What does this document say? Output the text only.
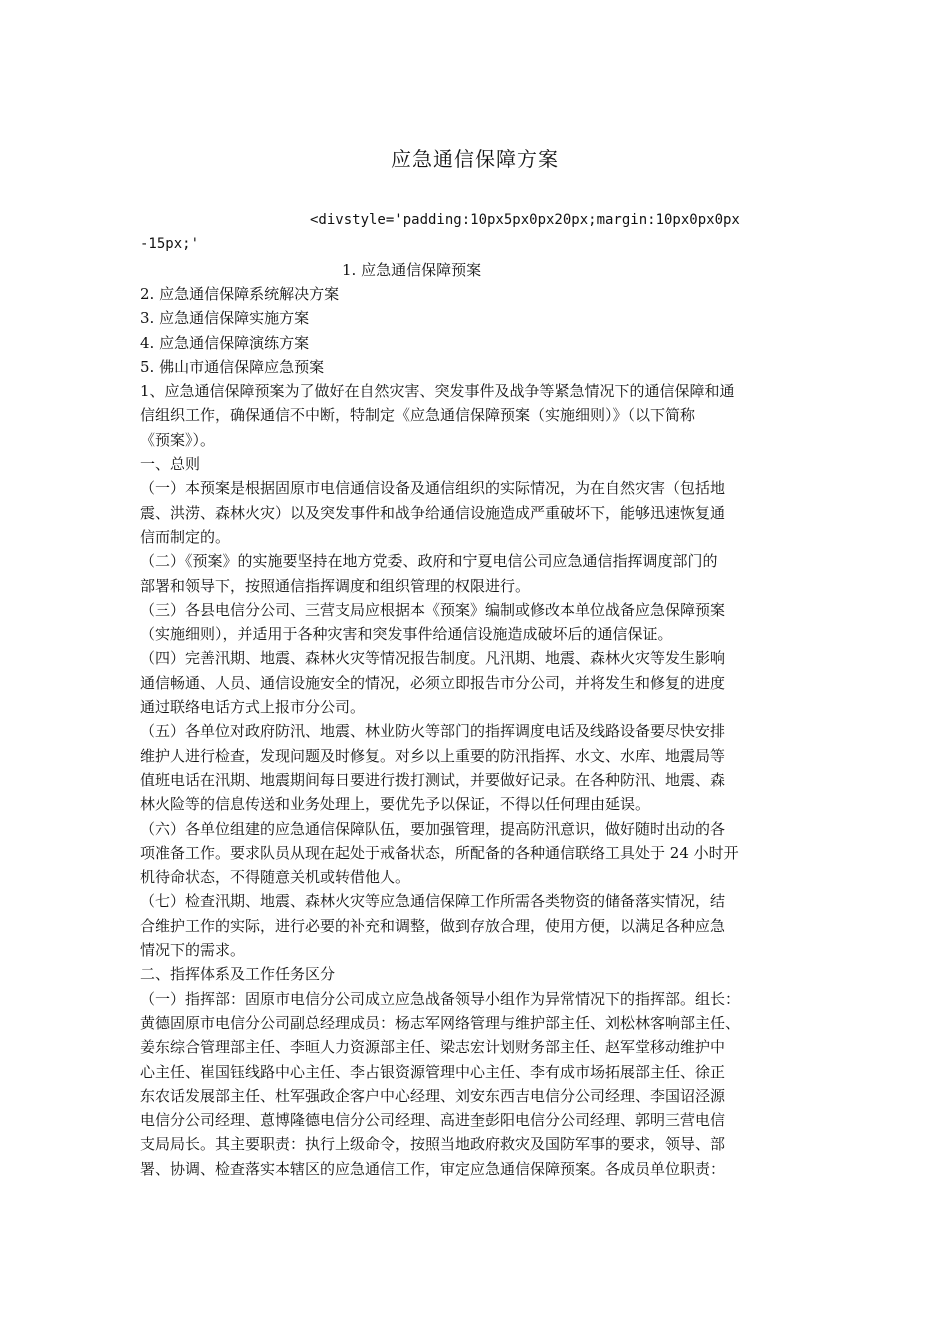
应急通信保障方案
<divstyle='padding:10px5px0px20px;margin:10px0px0px
-15px;'
1. 应急通信保障预案
2. 应急通信保障系统解决方案
3. 应急通信保障实施方案
4. 应急通信保障演练方案
5. 佛山市通信保障应急预案
1、应急通信保障预案为了做好在自然灾害、突发事件及战争等紧急情况下的通信保障和通
信组织工作，确保通信不中断，特制定《应急通信保障预案（实施细则）》（以下简称
《预案》）。
一、总则
（一）本预案是根据固原市电信通信设备及通信组织的实际情况，为在自然灾害（包括地
震、洪涝、森林火灾）以及突发事件和战争给通信设施造成严重破坏下，能够迅速恢复通
信而制定的。
（二）《预案》的实施要坚持在地方党委、政府和宁夏电信公司应急通信指挥调度部门的
部署和领导下，按照通信指挥调度和组织管理的权限进行。
（三）各县电信分公司、三营支局应根据本《预案》编制或修改本单位战备应急保障预案
（实施细则），并适用于各种灾害和突发事件给通信设施造成破坏后的通信保证。
（四）完善汛期、地震、森林火灾等情况报告制度。凡汛期、地震、森林火灾等发生影响
通信畅通、人员、通信设施安全的情况，必须立即报告市分公司，并将发生和修复的进度
通过联络电话方式上报市分公司。
（五）各单位对政府防汛、地震、林业防火等部门的指挥调度电话及线路设备要尽快安排
维护人进行检查，发现问题及时修复。对乡以上重要的防汛指挥、水文、水库、地震局等
值班电话在汛期、地震期间每日要进行拨打测试，并要做好记录。在各种防汛、地震、森
林火险等的信息传送和业务处理上，要优先予以保证，不得以任何理由延误。
（六）各单位组建的应急通信保障队伍，要加强管理，提高防汛意识，做好随时出动的各
项准备工作。要求队员从现在起处于戒备状态，所配备的各种通信联络工具处于 24 小时开
机待命状态，不得随意关机或转借他人。
（七）检查汛期、地震、森林火灾等应急通信保障工作所需各类物资的储备落实情况，结
合维护工作的实际，进行必要的补充和调整，做到存放合理，使用方便，以满足各种应急
情况下的需求。
二、指挥体系及工作任务区分
（一）指挥部：固原市电信分公司成立应急战备领导小组作为异常情况下的指挥部。组长：
黄德固原市电信分公司副总经理成员：杨志军网络管理与维护部主任、刘松林客响部主任、
姜东综合管理部主任、李晅人力资源部主任、梁志宏计划财务部主任、赵军堂移动维护中
心主任、崔国钰线路中心主任、李占银资源管理中心主任、李有成市场拓展部主任、徐正
东农话发展部主任、杜军强政企客户中心经理、刘安东西吉电信分公司经理、李国诏泾源
电信分公司经理、蒠博隆德电信分公司经理、高进奎彭阳电信分公司经理、郭明三营电信
支局局长。其主要职责：执行上级命令，按照当地政府救灾及国防军事的要求，领导、部
署、协调、检查落实本辖区的应急通信工作，审定应急通信保障预案。各成员单位职责：
